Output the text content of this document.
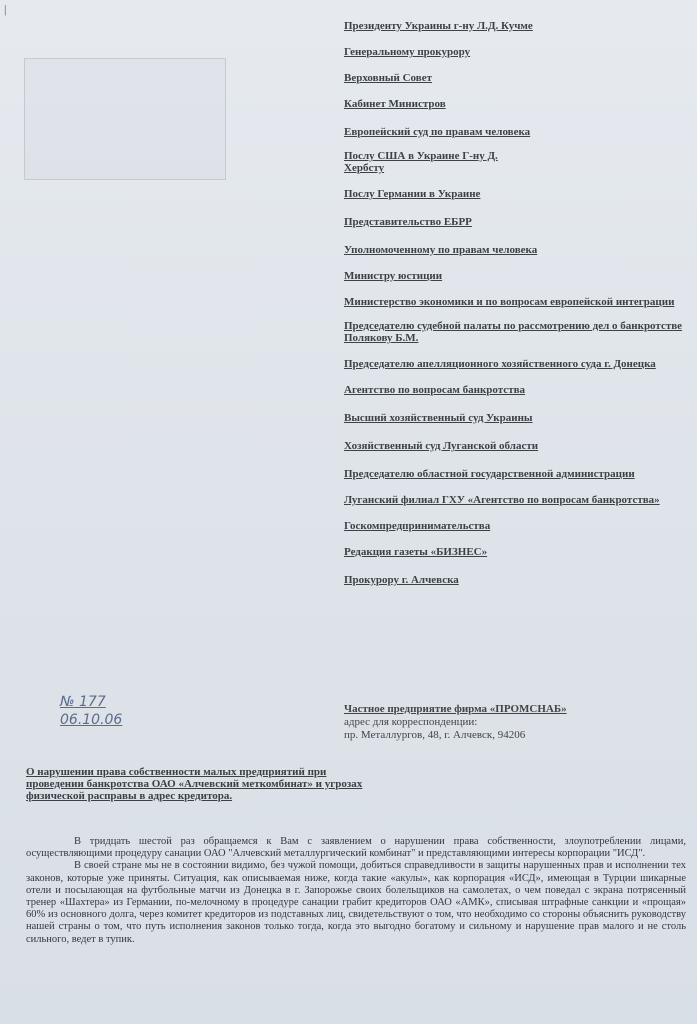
|
Президенту Украины г-ну Л.Д. Кучме
Генеральному прокурору
Верховный Совет
Кабинет Министров
Европейский суд по правам человека
Послу США в Украине Г-ну Д. Хербсту
Послу Германии в Украине
Представительство ЕБРР
Уполномоченному по правам человека
Министру юстиции
Министерство экономики и по вопросам европейской интеграции
Председателю судебной палаты по рассмотрению дел о банкротстве Полякову Б.М.
Председателю апелляционного хозяйственного суда г. Донецка
Агентство по вопросам банкротства
Высший хозяйственный суд Украины
Хозяйственный суд Луганской области
Председателю областной государственной администрации
Луганский филиал ГХУ «Агентство по вопросам банкротства»
Госкомпредпринимательства
Редакция газеты «БИЗНЕС»
Прокурору г. Алчевска
№ 177
06.10.06
Частное предприятие фирма «ПРОМСНАБ»
адрес для корреспонденции:
пр. Металлургов, 48, г. Алчевск, 94206
О нарушении права собственности малых предприятий при проведении банкротства ОАО «Алчевский меткомбинат» и угрозах физической расправы в адрес кредитора.

В тридцать шестой раз обращаемся к Вам с заявлением о нарушении права собственности, злоупотреблении лицами, осуществляющими процедуру санации ОАО "Алчевский металлургический комбинат" и представляющими интересы корпорации "ИСД".

В своей стране мы не в состоянии видимо, без чужой помощи, добиться справедливости в защиты нарушенных прав и исполнении тех законов, которые уже приняты. Ситуация, как описываемая ниже, когда такие «акулы», как корпорация «ИСД», имеющая в Турции шикарные отели и посылающая на футбольные матчи из Донецка в г. Запорожье своих болельщиков на самолетах, о чем поведал с экрана потрясенный тренер «Шахтера» из Германии, по-мелочному в процедуре санации грабит кредиторов ОАО «АМК», списывая штрафные санкции и «прощая» 60% из основного долга, через комитет кредиторов из подставных лиц, свидетельствуют о том, что необходимо со стороны объяснить руководству нашей страны о том, что путь исполнения законов только тогда, когда это выгодно богатому и сильному и нарушение прав малого и не столь сильного, ведет в тупик.
